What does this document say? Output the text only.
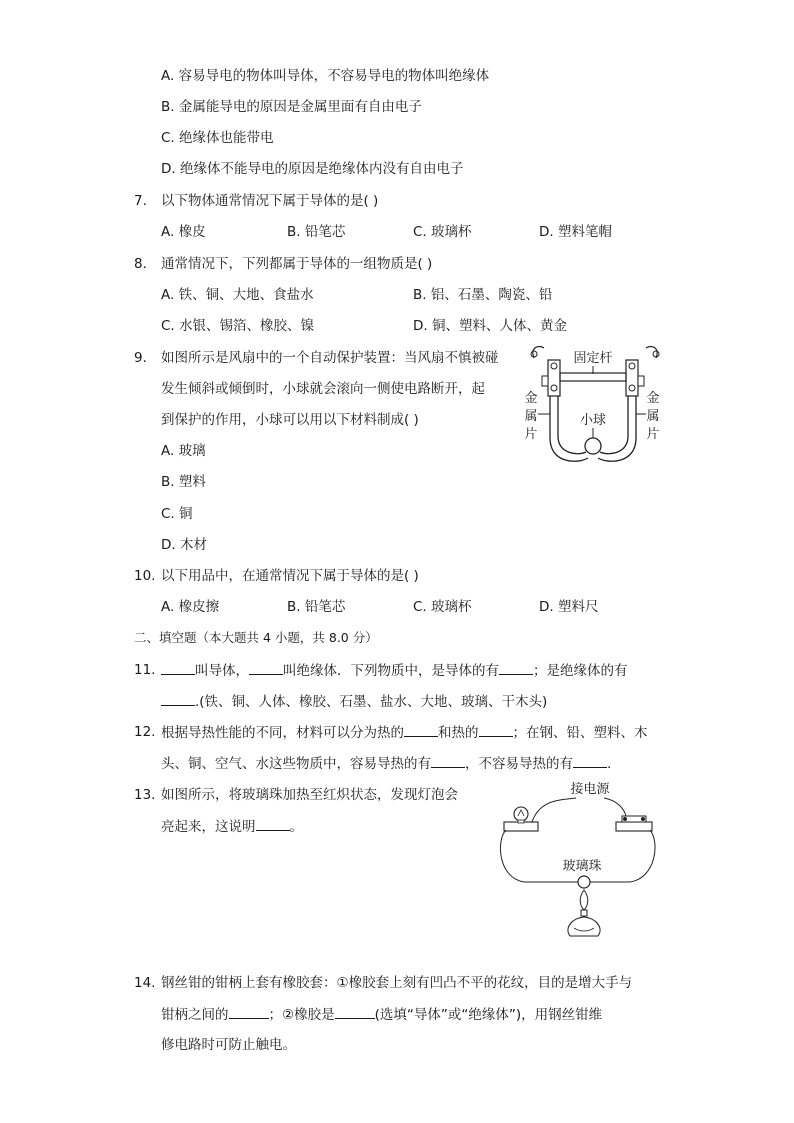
A. 容易导电的物体叫导体，不容易导电的物体叫绝缘体
B. 金属能导电的原因是金属里面有自由电子
C. 绝缘体也能带电
D. 绝缘体不能导电的原因是绝缘体内没有自由电子
7. 以下物体通常情况下属于导体的是( )
A. 橡皮	B. 铅笔芯	C. 玻璃杯	D. 塑料笔帽
8. 通常情况下，下列都属于导体的一组物质是( )
A. 铁、铜、大地、食盐水	B. 铝、石墨、陶瓷、铅
C. 水银、锡箔、橡胶、镍	D. 铜、塑料、人体、黄金
9. 如图所示是风扇中的一个自动保护装置：当风扇不慎被碰
发生倾斜或倾倒时，小球就会滚向一侧使电路断开，起
到保护的作用，小球可以用以下材料制成( )
A. 玻璃
B. 塑料
C. 铜
D. 木材
固定杆
小球
金
属
片
金
属
片
10. 以下用品中，在通常情况下属于导体的是( )
A. 橡皮擦	B. 铅笔芯	C. 玻璃杯	D. 塑料尺
二、填空题（本大题共 4 小题，共 8.0 分）
11.	叫导体，	叫绝缘体．下列物质中，是导体的有	；是绝缘体的有
.(铁、铜、人体、橡胶、石墨、盐水、大地、玻璃、干木头)
12. 根据导热性能的不同，材料可以分为热的	和热的	；在钢、铅、塑料、木
头、铜、空气、水这些物质中，容易导热的有	，不容易导热的有	.
13. 如图所示，将玻璃珠加热至红炽状态，发现灯泡会
亮起来，这说明	。
接电源
玻璃珠
14. 钢丝钳的钳柄上套有橡胶套：①橡胶套上刻有凹凸不平的花纹，目的是增大手与
钳柄之间的	；②橡胶是	(选填“导体”或“绝缘体”)，用钢丝钳维
修电路时可防止触电。
